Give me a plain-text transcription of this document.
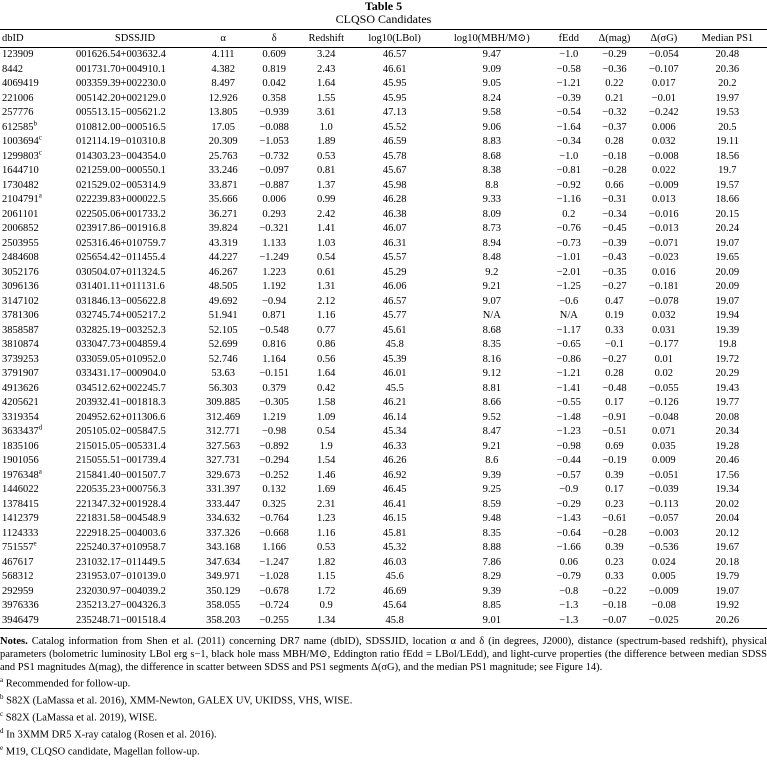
Table 5
CLQSO Candidates
dbID	SDSSJID	α	δ	Redshift	log10(LBol)	log10(MBH/M⊙)	fEdd	Δ(mag)	Δ(σG)	Median PS1
123909	001626.54+003632.4	4.111	0.609	3.24	46.57	9.47	−1.0	−0.29	−0.054	20.48
8442	001731.70+004910.1	4.382	0.819	2.43	46.61	9.09	−0.58	−0.36	−0.107	20.36
4069419	003359.39+002230.0	8.497	0.042	1.64	45.95	9.05	−1.21	0.22	0.017	20.2
221006	005142.20+002129.0	12.926	0.358	1.55	45.95	8.24	−0.39	0.21	−0.01	19.97
257776	005513.15−005621.2	13.805	−0.939	3.61	47.13	9.58	−0.54	−0.32	−0.242	19.53
612585$^b$	010812.00−000516.5	17.05	−0.088	1.0	45.52	9.06	−1.64	−0.37	0.006	20.5
1003694$^c$	012114.19−010310.8	20.309	−1.053	1.89	46.59	8.83	−0.34	0.28	0.032	19.11
1299803$^c$	014303.23−004354.0	25.763	−0.732	0.53	45.78	8.68	−1.0	−0.18	−0.008	18.56
1644710	021259.00−000550.1	33.246	−0.097	0.81	45.67	8.38	−0.81	−0.28	0.022	19.7
1730482	021529.02−005314.9	33.871	−0.887	1.37	45.98	8.8	−0.92	0.66	−0.009	19.57
2104791$^a$	022239.83+000022.5	35.666	0.006	0.99	46.28	9.33	−1.16	−0.31	0.013	18.66
2061101	022505.06+001733.2	36.271	0.293	2.42	46.38	8.09	0.2	−0.34	−0.016	20.15
2006852	023917.86−001916.8	39.824	−0.321	1.41	46.07	8.73	−0.76	−0.45	−0.013	20.24
2503955	025316.46+010759.7	43.319	1.133	1.03	46.31	8.94	−0.73	−0.39	−0.071	19.07
2484608	025654.42−011455.4	44.227	−1.249	0.54	45.57	8.48	−1.01	−0.43	−0.023	19.65
3052176	030504.07+011324.5	46.267	1.223	0.61	45.29	9.2	−2.01	−0.35	0.016	20.09
3096136	031401.11+011131.6	48.505	1.192	1.31	46.06	9.21	−1.25	−0.27	−0.181	20.09
3147102	031846.13−005622.8	49.692	−0.94	2.12	46.57	9.07	−0.6	0.47	−0.078	19.07
3781306	032745.74+005217.2	51.941	0.871	1.16	45.77	N/A	N/A	0.19	0.032	19.94
3858587	032825.19−003252.3	52.105	−0.548	0.77	45.61	8.68	−1.17	0.33	0.031	19.39
3810874	033047.73+004859.4	52.699	0.816	0.86	45.8	8.35	−0.65	−0.1	−0.177	19.8
3739253	033059.05+010952.0	52.746	1.164	0.56	45.39	8.16	−0.86	−0.27	0.01	19.72
3791907	033431.17−000904.0	53.63	−0.151	1.64	46.01	9.12	−1.21	0.28	0.02	20.29
4913626	034512.62+002245.7	56.303	0.379	0.42	45.5	8.81	−1.41	−0.48	−0.055	19.43
4205621	203932.41−001818.3	309.885	−0.305	1.58	46.21	8.66	−0.55	0.17	−0.126	19.77
3319354	204952.62+011306.6	312.469	1.219	1.09	46.14	9.52	−1.48	−0.91	−0.048	20.08
3633437$^d$	205105.02−005847.5	312.771	−0.98	0.54	45.34	8.47	−1.23	−0.51	0.071	20.34
1835106	215015.05−005331.4	327.563	−0.892	1.9	46.33	9.21	−0.98	0.69	0.035	19.28
1901056	215055.51−001739.4	327.731	−0.294	1.54	46.26	8.6	−0.44	−0.19	0.009	20.46
1976348$^a$	215841.40−001507.7	329.673	−0.252	1.46	46.92	9.39	−0.57	0.39	−0.051	17.56
1446022	220535.23+000756.3	331.397	0.132	1.69	46.45	9.25	−0.9	0.17	−0.039	19.34
1378415	221347.32+001928.4	333.447	0.325	2.31	46.41	8.59	−0.29	0.23	−0.113	20.02
1412379	221831.58−004548.9	334.632	−0.764	1.23	46.15	9.48	−1.43	−0.61	−0.057	20.04
1124333	222918.25−004003.6	337.326	−0.668	1.16	45.81	8.35	−0.64	−0.28	−0.003	20.12
751557e	225240.37+010958.7	343.168	1.166	0.53	45.32	8.88	−1.66	0.39	−0.536	19.67
467617	231032.17−011449.5	347.634	−1.247	1.82	46.03	7.86	0.06	0.23	0.024	20.18
568312	231953.07−010139.0	349.971	−1.028	1.15	45.6	8.29	−0.79	0.33	0.005	19.79
292959	232030.97−004039.2	350.129	−0.678	1.72	46.69	9.39	−0.8	−0.22	−0.009	19.07
3976336	235213.27−004326.3	358.055	−0.724	0.9	45.64	8.85	−1.3	−0.18	−0.08	19.92
3946479	235248.71−001518.4	358.203	−0.255	1.34	45.8	9.01	−1.3	−0.07	−0.025	20.26
Notes. Catalog information from Shen et al. (2011) concerning DR7 name (dbID), SDSSJID, location α and δ (in degrees, J2000), distance (spectrum-based redshift), physical parameters (bolometric luminosity LBol erg s−1, black hole mass MBH/M⊙, Eddington ratio fEdd = LBol/LEdd), and light-curve properties (the difference between median SDSS and PS1 magnitudes Δ(mag), the difference in scatter between SDSS and PS1 segments Δ(σG), and the median PS1 magnitude; see Figure 14).
$^a$ Recommended for follow-up.
$^b$ S82X (LaMassa et al. 2016), XMM-Newton, GALEX UV, UKIDSS, VHS, WISE.
$^c$ S82X (LaMassa et al. 2019), WISE.
$^d$ In 3XMM DR5 X-ray catalog (Rosen et al. 2016).
$^e$ M19, CLQSO candidate, Magellan follow-up.
